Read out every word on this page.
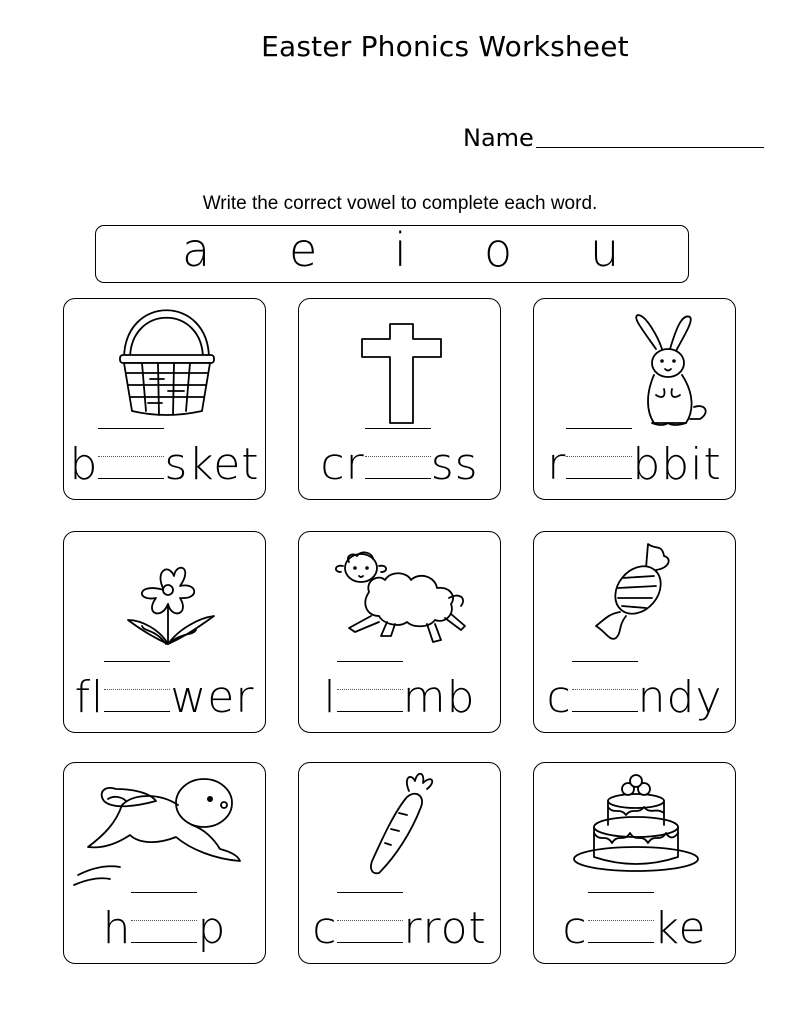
Easter Phonics Worksheet
Name
Write the correct vowel to complete each word.
a e i o u
b sket	cr ss	r bbit
fl wer	l mb	c ndy
h p	c rrot	c ke
